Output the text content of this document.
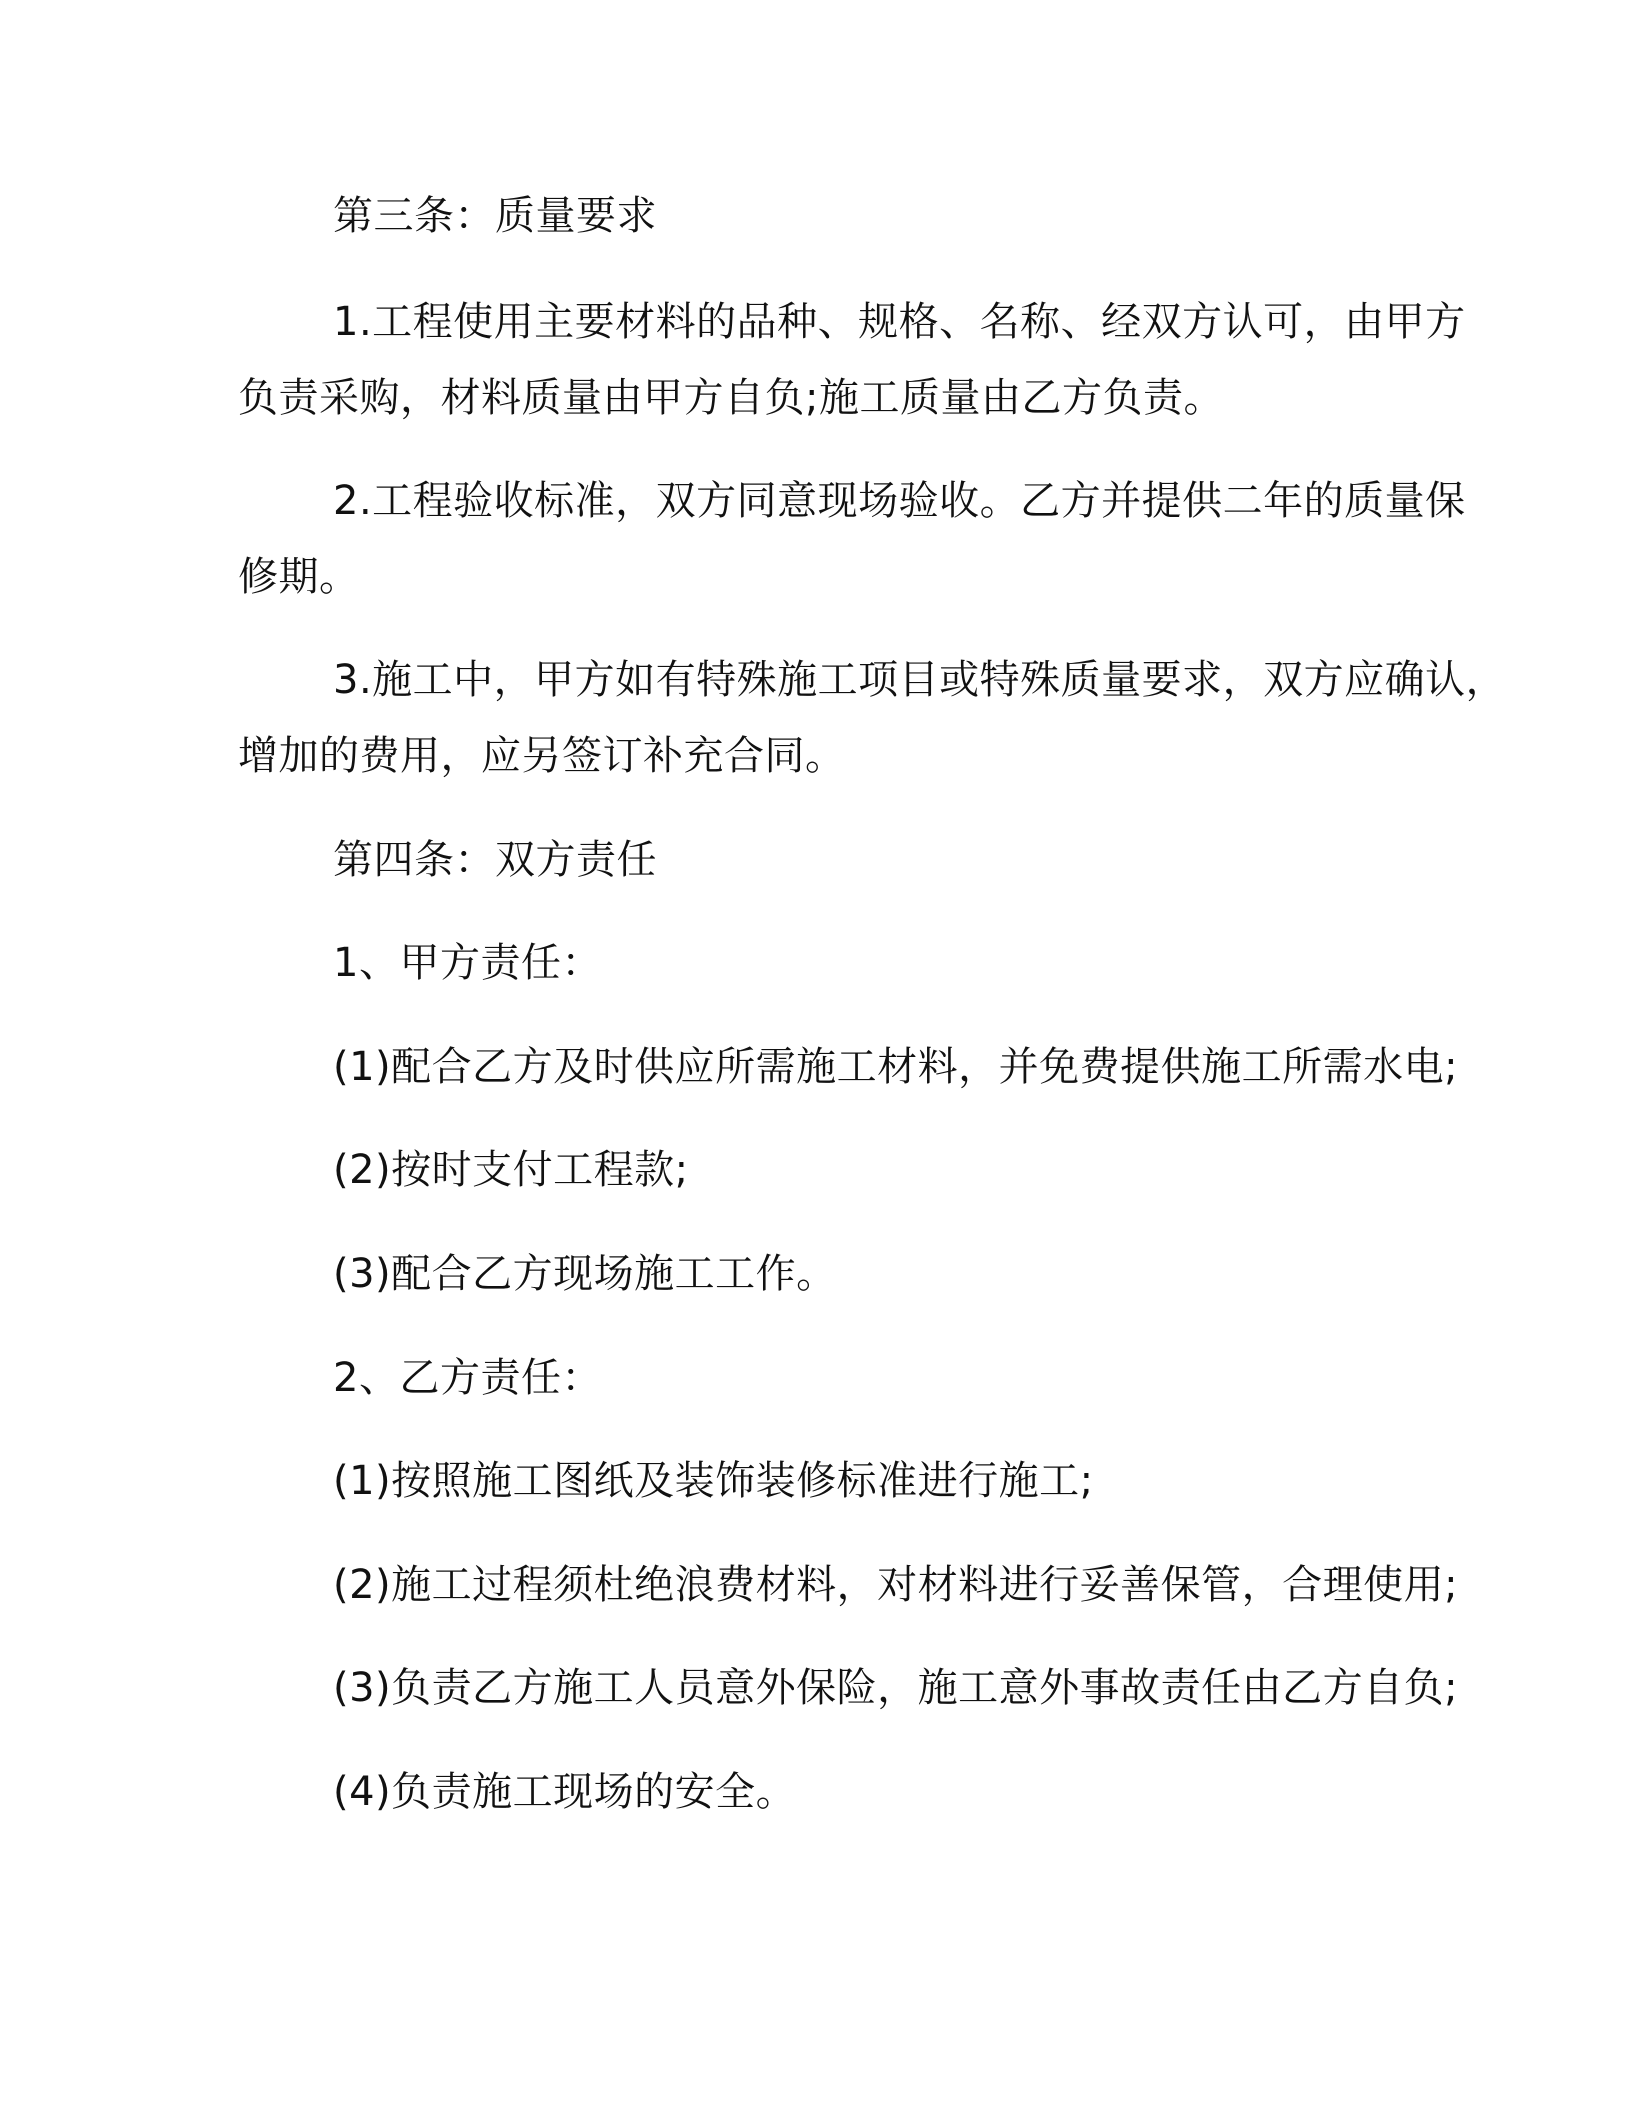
第三条：质量要求
1.工程使用主要材料的品种、规格、名称、经双方认可，由甲方
负责采购，材料质量由甲方自负;施工质量由乙方负责。
2.工程验收标准，双方同意现场验收。乙方并提供二年的质量保
修期。
3.施工中，甲方如有特殊施工项目或特殊质量要求，双方应确认，
增加的费用，应另签订补充合同。
第四条：双方责任
1、甲方责任：
(1)配合乙方及时供应所需施工材料，并免费提供施工所需水电;
(2)按时支付工程款;
(3)配合乙方现场施工工作。
2、乙方责任：
(1)按照施工图纸及装饰装修标准进行施工;
(2)施工过程须杜绝浪费材料，对材料进行妥善保管，合理使用;
(3)负责乙方施工人员意外保险，施工意外事故责任由乙方自负;
(4)负责施工现场的安全。
